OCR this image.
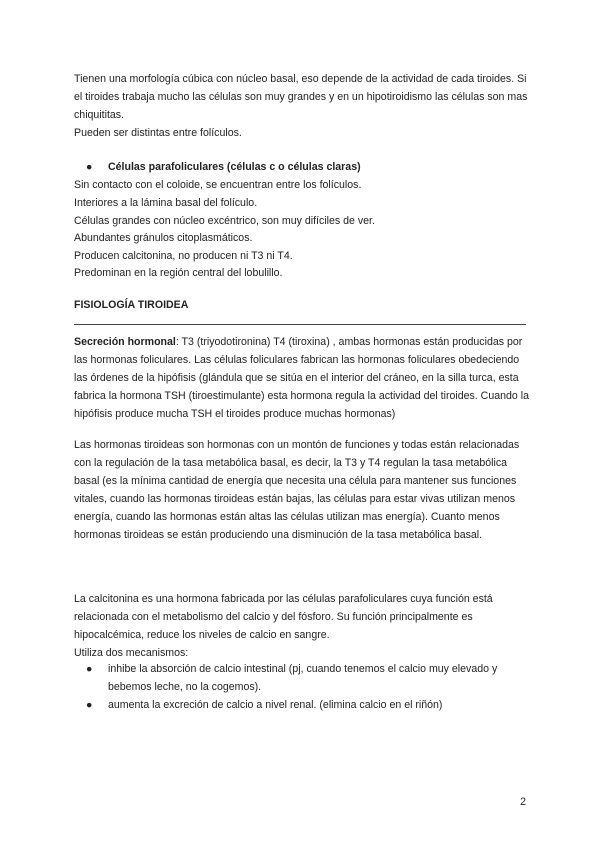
Tienen una morfología cúbica con núcleo basal, eso depende de la actividad de cada tiroides. Si el tiroides trabaja mucho las células son muy grandes y en un hipotiroidismo las células son mas chiquititas.

Pueden ser distintas entre folículos.

● Células parafoliculares (células c o células claras)

Sin contacto con el coloide, se encuentran entre los folículos.

Interiores a la lámina basal del folículo.

Células grandes con núcleo excéntrico, son muy difíciles de ver.

Abundantes gránulos citoplasmáticos.

Producen calcitonina, no producen ni T3 ni T4.

Predominan en la región central del lobulillo.

FISIOLOGÍA TIROIDEA

Secreción hormonal: T3 (triyodotironina) T4 (tiroxina) , ambas hormonas están producidas por las hormonas foliculares. Las células foliculares fabrican las hormonas foliculares obedeciendo las órdenes de la hipófisis (glándula que se sitúa en el interior del cráneo, en la silla turca, esta fabrica la hormona TSH (tiroestimulante) esta hormona regula la actividad del tiroides. Cuando la hipófisis produce mucha TSH el tiroides produce muchas hormonas)

Las hormonas tiroideas son hormonas con un montón de funciones y todas están relacionadas con la regulación de la tasa metabólica basal, es decir, la T3 y T4 regulan la tasa metabólica basal (es la mínima cantidad de energía que necesita una célula para mantener sus funciones vitales, cuando las hormonas tiroideas están bajas, las células para estar vivas utilizan menos energía, cuando las hormonas están altas las células utilizan mas energía). Cuanto menos hormonas tiroideas se están produciendo una disminución de la tasa metabólica basal.

La calcitonina es una hormona fabricada por las células parafoliculares cuya función está relacionada con el metabolismo del calcio y del fósforo. Su función principalmente es hipocalcémica, reduce los niveles de calcio en sangre.

Utiliza dos mecanismos:

● inhibe la absorción de calcio intestinal (pj, cuando tenemos el calcio muy elevado y bebemos leche, no la cogemos).
● aumenta la excreción de calcio a nivel renal. (elimina calcio en el riñón)
2
